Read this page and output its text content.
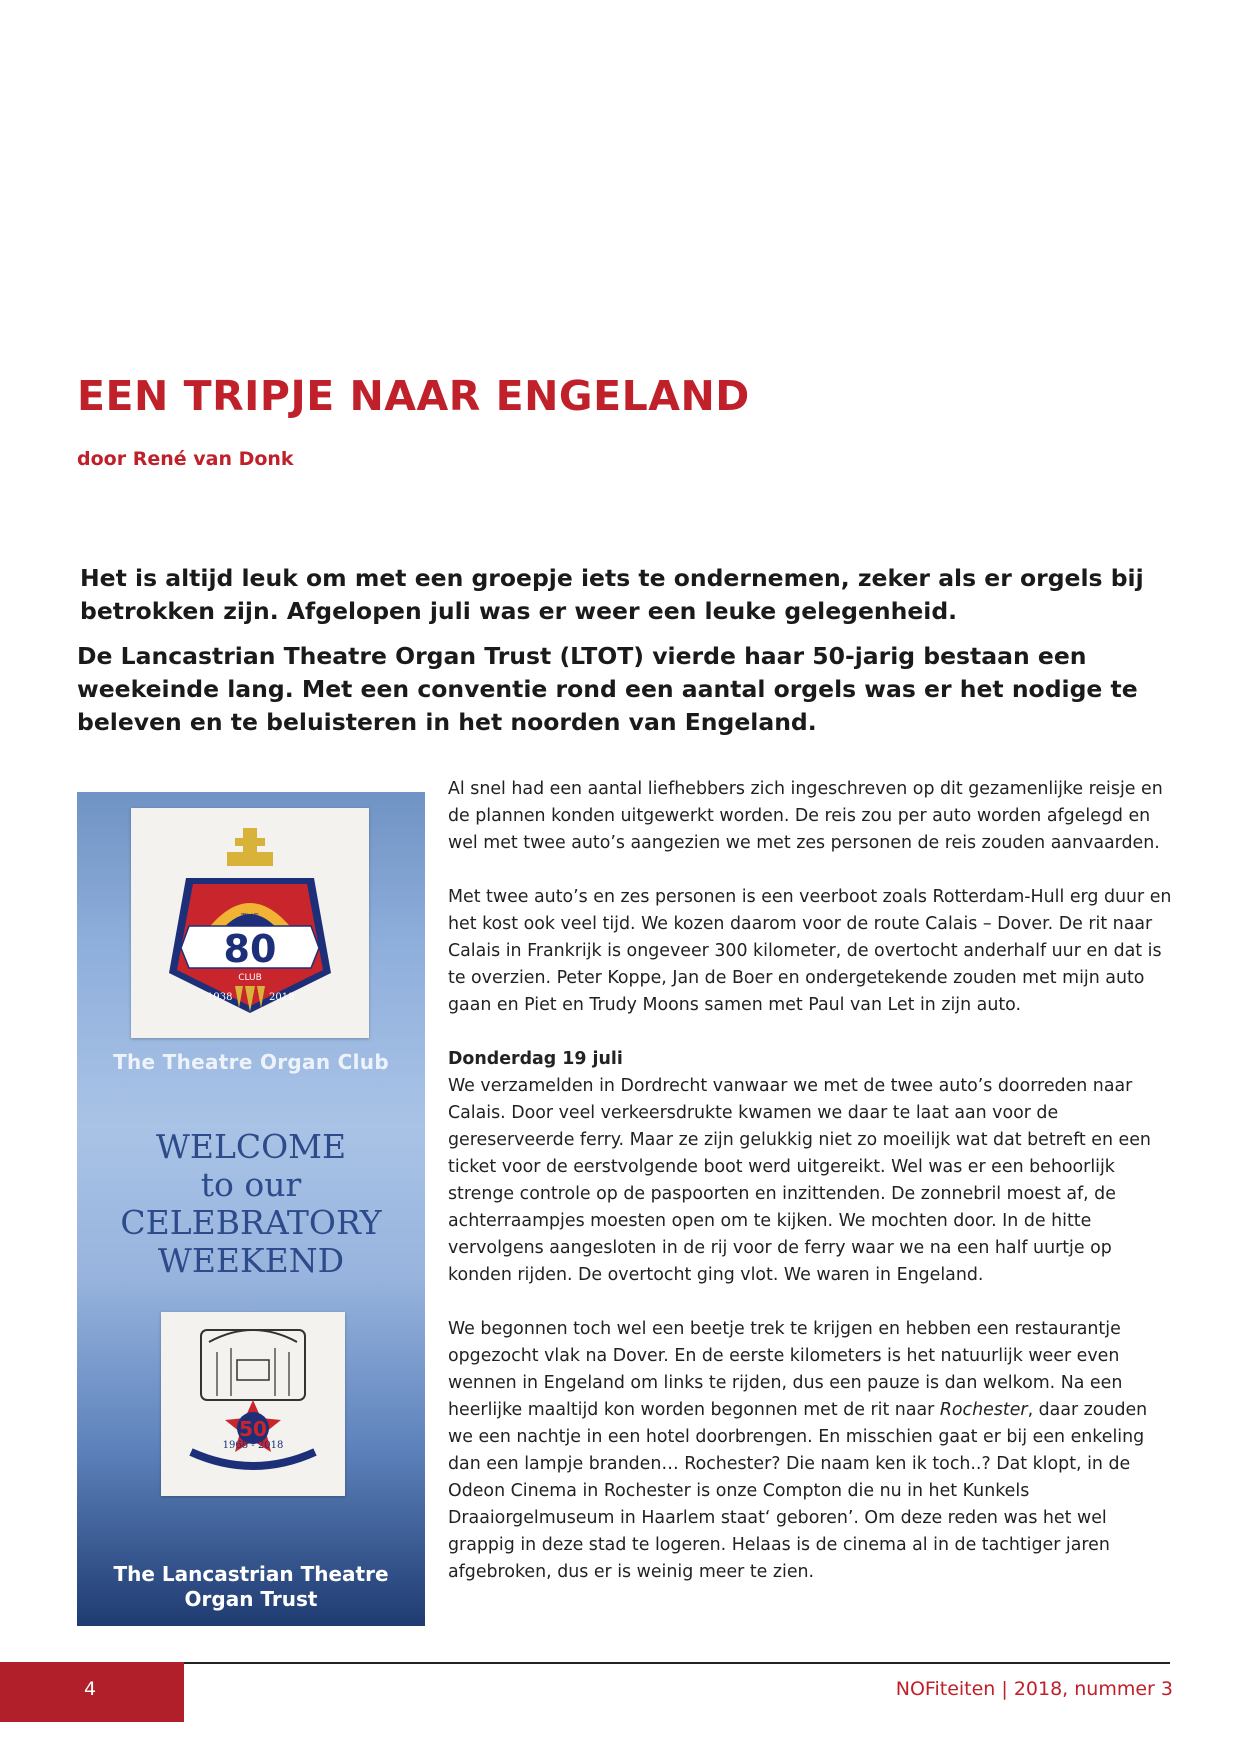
EEN TRIPJE NAAR ENGELAND

door René van Donk

Het is altijd leuk om met een groepje iets te ondernemen, zeker als er orgels bij betrokken zijn. Afgelopen juli was er weer een leuke gelegenheid.

De Lancastrian Theatre Organ Trust (LTOT) vierde haar 50-jarig bestaan een weekeinde lang. Met een conventie rond een aantal orgels was er het nodige te beleven en te beluisteren in het noorden van Engeland.

THE
80
CLUB
1938	2018
The Theatre Organ Club
WELCOME
to our
CELEBRATORY
WEEKEND
50
1968 - 2018
The Lancastrian Theatre
Organ Trust

Al snel had een aantal liefhebbers zich ingeschreven op dit gezamenlijke reisje en de plannen konden uitgewerkt worden. De reis zou per auto worden afgelegd en wel met twee auto’s aangezien we met zes personen de reis zouden aanvaarden.

Met twee auto’s en zes personen is een veerboot zoals Rotterdam-Hull erg duur en het kost ook veel tijd. We kozen daarom voor de route Calais – Dover. De rit naar Calais in Frankrijk is ongeveer 300 kilometer, de overtocht anderhalf uur en dat is te overzien. Peter Koppe, Jan de Boer en ondergetekende zouden met mijn auto gaan en Piet en Trudy Moons samen met Paul van Let in zijn auto.

Donderdag 19 juli

We verzamelden in Dordrecht vanwaar we met de twee auto’s doorreden naar Calais. Door veel verkeersdrukte kwamen we daar te laat aan voor de gereserveerde ferry. Maar ze zijn gelukkig niet zo moeilijk wat dat betreft en een ticket voor de eerstvolgende boot werd uitgereikt. Wel was er een behoorlijk strenge controle op de paspoorten en inzittenden. De zonnebril moest af, de achterraampjes moesten open om te kijken. We mochten door. In de hitte vervolgens aangesloten in de rij voor de ferry waar we na een half uurtje op konden rijden. De overtocht ging vlot. We waren in Engeland.

We begonnen toch wel een beetje trek te krijgen en hebben een restaurantje opgezocht vlak na Dover. En de eerste kilometers is het natuurlijk weer even wennen in Engeland om links te rijden, dus een pauze is dan welkom. Na een heerlijke maaltijd kon worden begonnen met de rit naar Rochester, daar zouden we een nachtje in een hotel doorbrengen. En misschien gaat er bij een enkeling dan een lampje branden… Rochester? Die naam ken ik toch..? Dat klopt, in de Odeon Cinema in Rochester is onze Compton die nu in het Kunkels Draaiorgelmuseum in Haarlem staat‘ geboren’. Om deze reden was het wel grappig in deze stad te logeren. Helaas is de cinema al in de tachtiger jaren afgebroken, dus er is weinig meer te zien.

4	NOFiteiten | 2018, nummer 3
